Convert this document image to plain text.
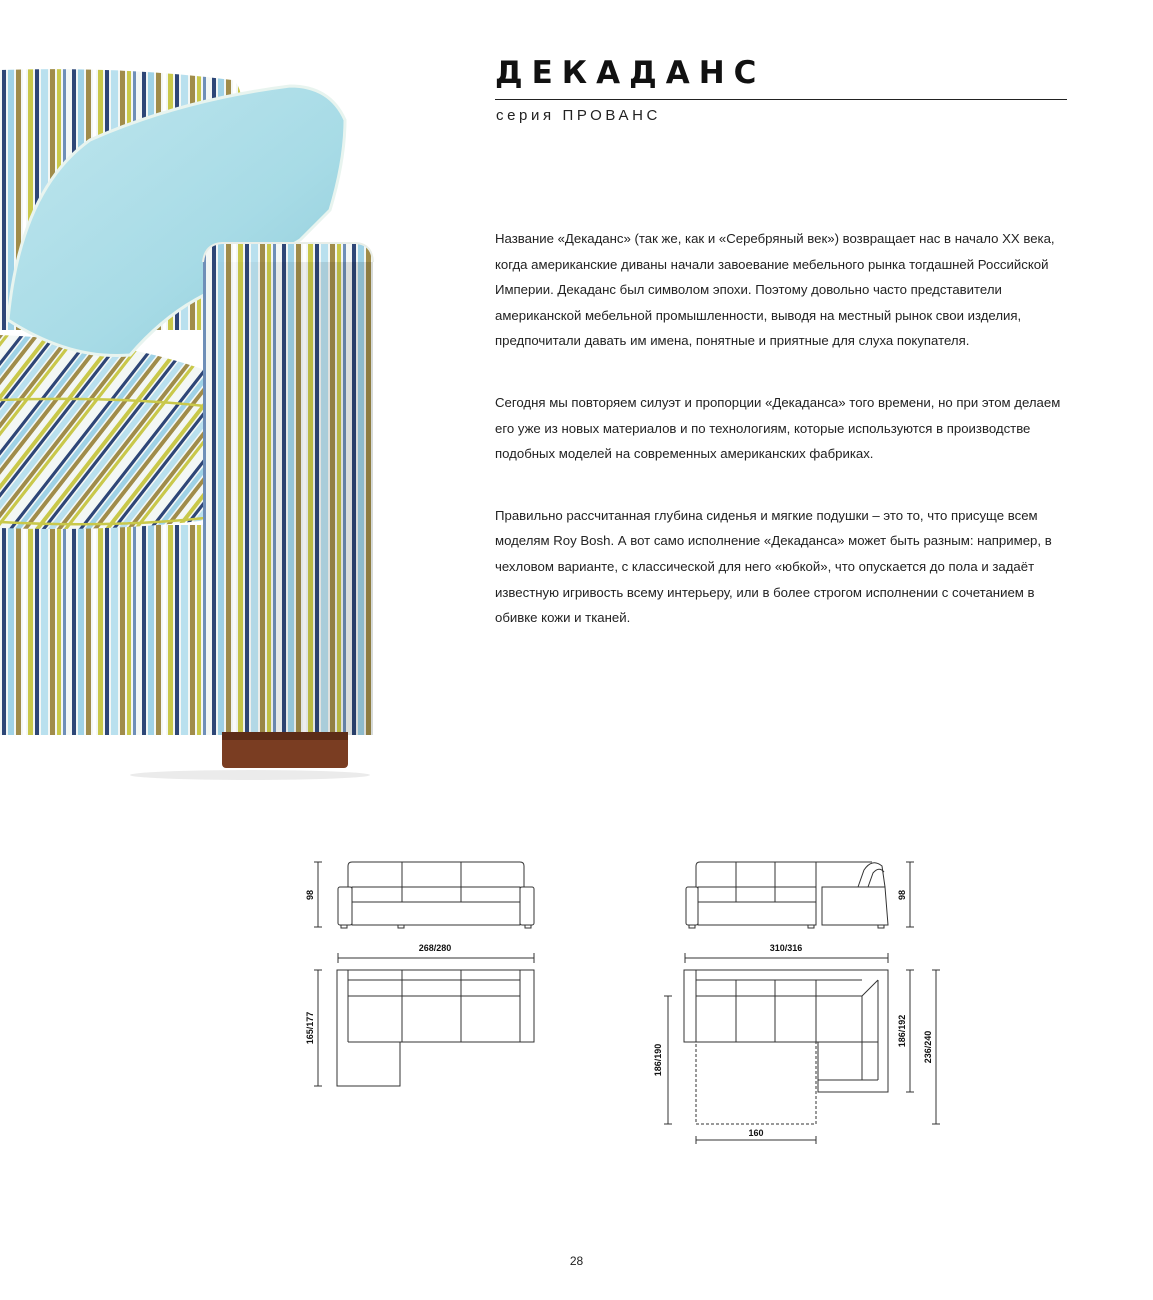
ДЕКАДАНС
серия ПРОВАНС

Название «Декаданс» (так же, как и «Серебряный век») возвращает нас в начало XX века, когда американские диваны начали завоевание мебельного рынка тогдашней Российской Империи. Декаданс был символом эпохи. Поэтому довольно часто представители американской мебельной промышленности, выводя на местный рынок свои изделия, предпочитали давать им имена, понятные и приятные для слуха покупателя.

Сегодня мы повторяем силуэт и пропорции «Декаданса» того времени, но при этом делаем его уже из новых материалов и по технологиям, которые используются в производстве подобных моделей на современных американских фабриках.

Правильно рассчитанная глубина сиденья и мягкие подушки – это то, что присуще всем моделям Roy Bosh. А вот само исполнение «Декаданса» может быть разным: например, в чехловом варианте, с классической для него «юбкой», что опускается до пола и задаёт известную игривость всему интерьеру, или в более строгом исполнении с сочетанием в обивке кожи и тканей.

98
268/280
165/177
98
310/316
186/190
160
186/192 236/240
28
